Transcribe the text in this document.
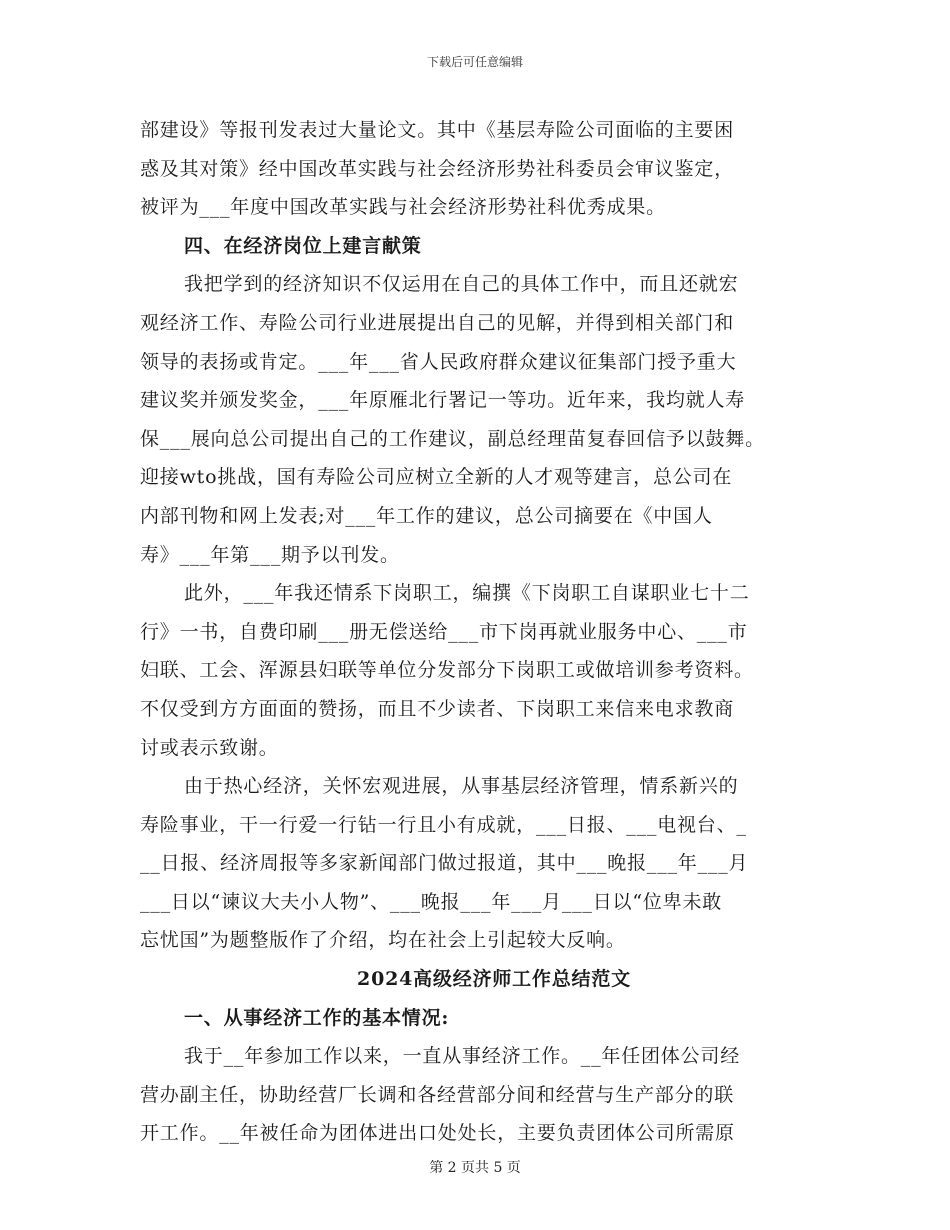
下载后可任意编辑
部建设》等报刊发表过大量论文。其中《基层寿险公司面临的主要困
惑及其对策》经中国改革实践与社会经济形势社科委员会审议鉴定，
被评为___年度中国改革实践与社会经济形势社科优秀成果。
四、在经济岗位上建言献策
我把学到的经济知识不仅运用在自己的具体工作中，而且还就宏
观经济工作、寿险公司行业进展提出自己的见解，并得到相关部门和
领导的表扬或肯定。___年___省人民政府群众建议征集部门授予重大
建议奖并颁发奖金，___年原雁北行署记一等功。近年来，我均就人寿
保___展向总公司提出自己的工作建议，副总经理苗复春回信予以鼓舞。
迎接wto挑战，国有寿险公司应树立全新的人才观等建言，总公司在
内部刊物和网上发表;对___年工作的建议，总公司摘要在《中国人
寿》___年第___期予以刊发。
此外，___年我还情系下岗职工，编撰《下岗职工自谋职业七十二
行》一书，自费印刷___册无偿送给___市下岗再就业服务中心、___市
妇联、工会、浑源县妇联等单位分发部分下岗职工或做培训参考资料。
不仅受到方方面面的赞扬，而且不少读者、下岗职工来信来电求教商
讨或表示致谢。
由于热心经济，关怀宏观进展，从事基层经济管理，情系新兴的
寿险事业，干一行爱一行钻一行且小有成就，___日报、___电视台、_
__日报、经济周报等多家新闻部门做过报道，其中___晚报___年___月
___日以“谏议大夫小人物”、___晚报___年___月___日以“位卑未敢
忘忧国”为题整版作了介绍，均在社会上引起较大反响。
2024高级经济师工作总结范文
一、从事经济工作的基本情况:
我于__年参加工作以来，一直从事经济工作。__年任团体公司经
营办副主任，协助经营厂长调和各经营部分间和经营与生产部分的联
开工作。__年被任命为团体进出口处处长，主要负责团体公司所需原
第 2 页共 5 页
